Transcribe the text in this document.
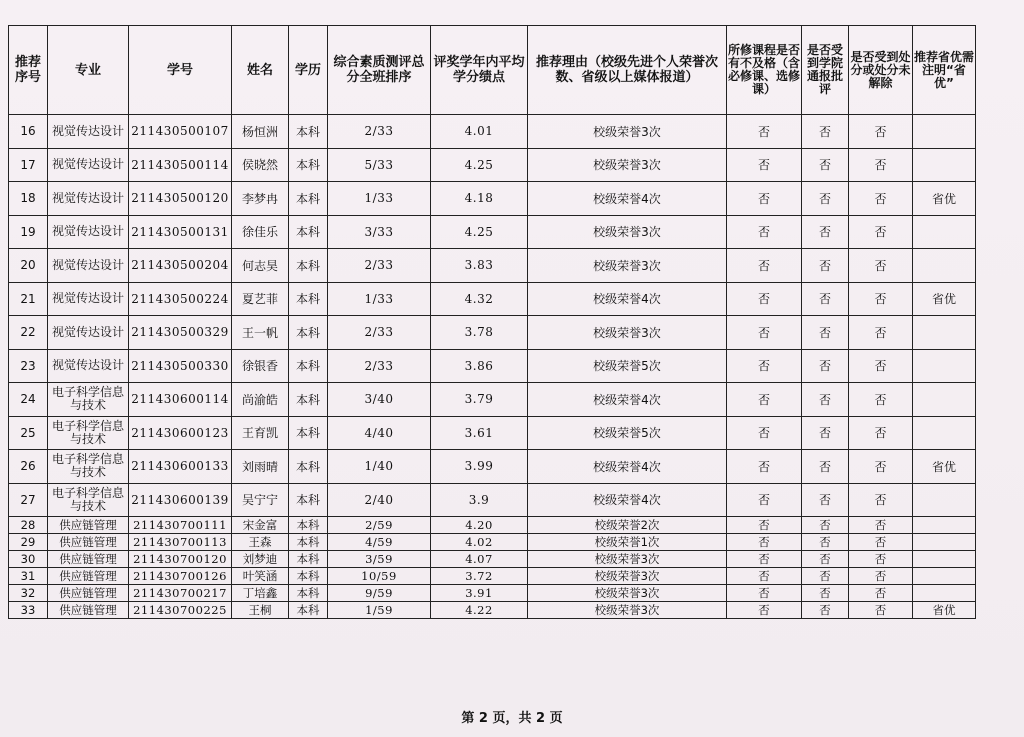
推荐序号	专业	学号	姓名	学历	综合素质测评总分全班排序	评奖学年内平均学分绩点	推荐理由（校级先进个人荣誉次数、省级以上媒体报道）	所修课程是否有不及格（含必修课、选修课）	是否受到学院通报批评	是否受到处分或处分未解除	推荐省优需注明“省优”
16	视觉传达设计	211430500107	杨恒洲	本科	2/33	4.01	校级荣誉3次	否	否	否	
17	视觉传达设计	211430500114	侯晓然	本科	5/33	4.25	校级荣誉3次	否	否	否	
18	视觉传达设计	211430500120	李梦冉	本科	1/33	4.18	校级荣誉4次	否	否	否	省优
19	视觉传达设计	211430500131	徐佳乐	本科	3/33	4.25	校级荣誉3次	否	否	否	
20	视觉传达设计	211430500204	何志昊	本科	2/33	3.83	校级荣誉3次	否	否	否	
21	视觉传达设计	211430500224	夏艺菲	本科	1/33	4.32	校级荣誉4次	否	否	否	省优
22	视觉传达设计	211430500329	王一帆	本科	2/33	3.78	校级荣誉3次	否	否	否	
23	视觉传达设计	211430500330	徐银香	本科	2/33	3.86	校级荣誉5次	否	否	否	
24	电子科学信息与技术	211430600114	尚渝皓	本科	3/40	3.79	校级荣誉4次	否	否	否	
25	电子科学信息与技术	211430600123	王育凯	本科	4/40	3.61	校级荣誉5次	否	否	否	
26	电子科学信息与技术	211430600133	刘雨晴	本科	1/40	3.99	校级荣誉4次	否	否	否	省优
27	电子科学信息与技术	211430600139	吴宁宁	本科	2/40	3.9	校级荣誉4次	否	否	否	
28	供应链管理	211430700111	宋金富	本科	2/59	4.20	校级荣誉2次	否	否	否	
29	供应链管理	211430700113	王森	本科	4/59	4.02	校级荣誉1次	否	否	否	
30	供应链管理	211430700120	刘梦迪	本科	3/59	4.07	校级荣誉3次	否	否	否	
31	供应链管理	211430700126	叶笑涵	本科	10/59	3.72	校级荣誉3次	否	否	否	
32	供应链管理	211430700217	丁培鑫	本科	9/59	3.91	校级荣誉3次	否	否	否	
33	供应链管理	211430700225	王桐	本科	1/59	4.22	校级荣誉3次	否	否	否	省优
第 2 页，共 2 页
